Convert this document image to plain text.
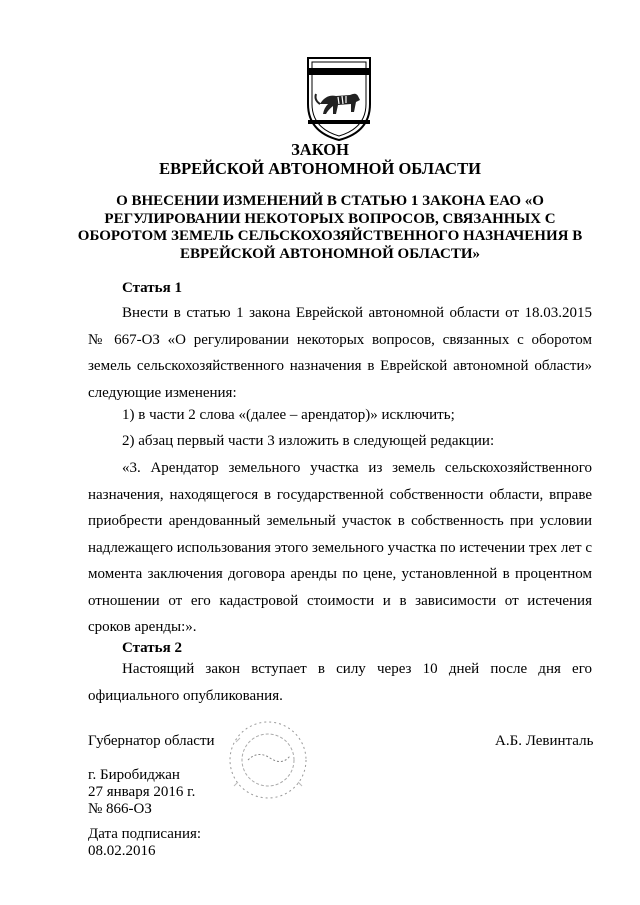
ЗАКОН
ЕВРЕЙСКОЙ АВТОНОМНОЙ ОБЛАСТИ
О ВНЕСЕНИИ ИЗМЕНЕНИЙ В СТАТЬЮ 1 ЗАКОНА ЕАО «О РЕГУЛИРОВАНИИ НЕКОТОРЫХ ВОПРОСОВ, СВЯЗАННЫХ С ОБОРОТОМ ЗЕМЕЛЬ СЕЛЬСКОХОЗЯЙСТВЕННОГО НАЗНАЧЕНИЯ В ЕВРЕЙСКОЙ АВТОНОМНОЙ ОБЛАСТИ»
Статья 1
Внести в статью 1 закона Еврейской автономной области от 18.03.2015 № 667-ОЗ «О регулировании некоторых вопросов, связанных с оборотом земель сельскохозяйственного назначения в Еврейской автономной области» следующие изменения:
1) в части 2 слова «(далее – арендатор)» исключить;
2) абзац первый части 3 изложить в следующей редакции:
«3. Арендатор земельного участка из земель сельскохозяйственного назначения, находящегося в государственной собственности области, вправе приобрести арендованный земельный участок в собственность при условии надлежащего использования этого земельного участка по истечении трех лет с момента заключения договора аренды по цене, установленной в процентном отношении от его кадастровой стоимости и в зависимости от истечения сроков аренды:».
Статья 2
Настоящий закон вступает в силу через 10 дней после дня его официального опубликования.
Губернатор области	А.Б. Левинталь
г. Биробиджан
27 января 2016 г.
№ 866-ОЗ
Дата подписания:
08.02.2016
